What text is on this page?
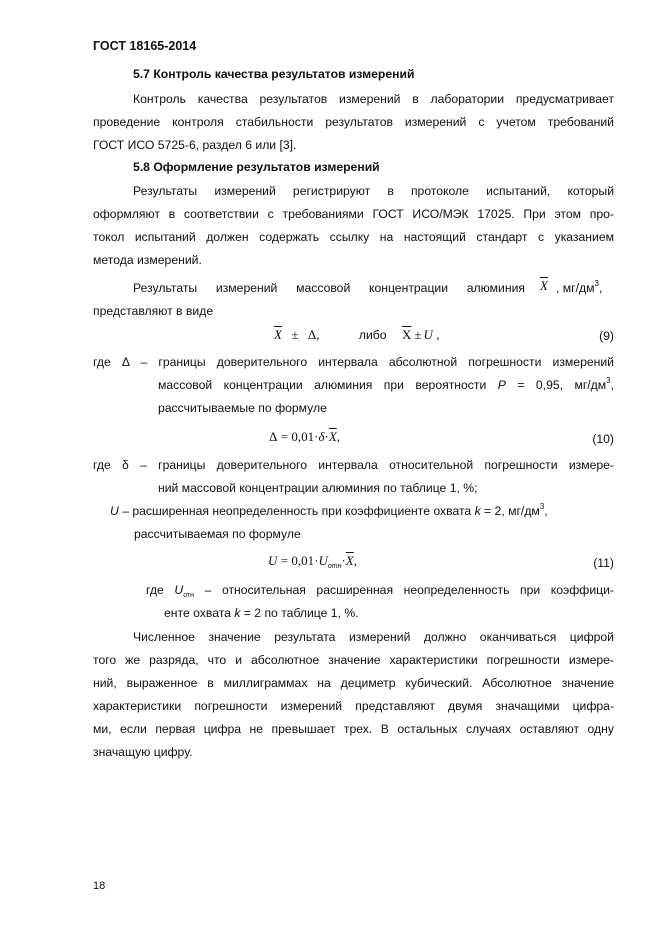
ГОСТ 18165-2014
5.7 Контроль качества результатов измерений
Контроль качества результатов измерений в лаборатории предусматривает
проведение контроля стабильности результатов измерений с учетом требований
ГОСТ ИСО 5725-6, раздел 6 или [3].
5.8 Оформление результатов измерений
Результаты измерений регистрируют в протоколе испытаний, который
оформляют в соответствии с требованиями ГОСТ ИСО/МЭК 17025. При этом про-
токол испытаний должен содержать ссылку на настоящий стандарт с указанием
метода измерений.
Результаты измерений массовой концентрации алюминия $\overline{X}$ , $мг/дм^3$,
представляют в виде
$\overline{X} \pm \Delta$,	либо $\overline{X} \pm U$ ,	(9)
где Δ – границы доверительного интервала абсолютной погрешности измерений
массовой концентрации алюминия при вероятности P = 0,95, $мг/дм^3$,
рассчитываемые по формуле
$\Delta = 0,01\cdot\delta\cdot\overline{X}$,	(10)
где δ – границы доверительного интервала относительной погрешности измере-
ний массовой концентрации алюминия по таблице 1, %;
U – расширенная неопределенность при коэффициенте охвата k = 2, $мг/дм^3$,
рассчитываемая по формуле
$U = 0,01\cdot U_{отн}\cdot\overline{X}$,	(11)
где $U_{отн}$ – относительная расширенная неопределенность при коэффици-
енте охвата k = 2 по таблице 1, %.
Численное значение результата измерений должно оканчиваться цифрой
того же разряда, что и абсолютное значение характеристики погрешности измере-
ний, выраженное в миллиграммах на дециметр кубический. Абсолютное значение
характеристики погрешности измерений представляют двумя значащими цифра-
ми, если первая цифра не превышает трех. В остальных случаях оставляют одну
значащую цифру.
18
